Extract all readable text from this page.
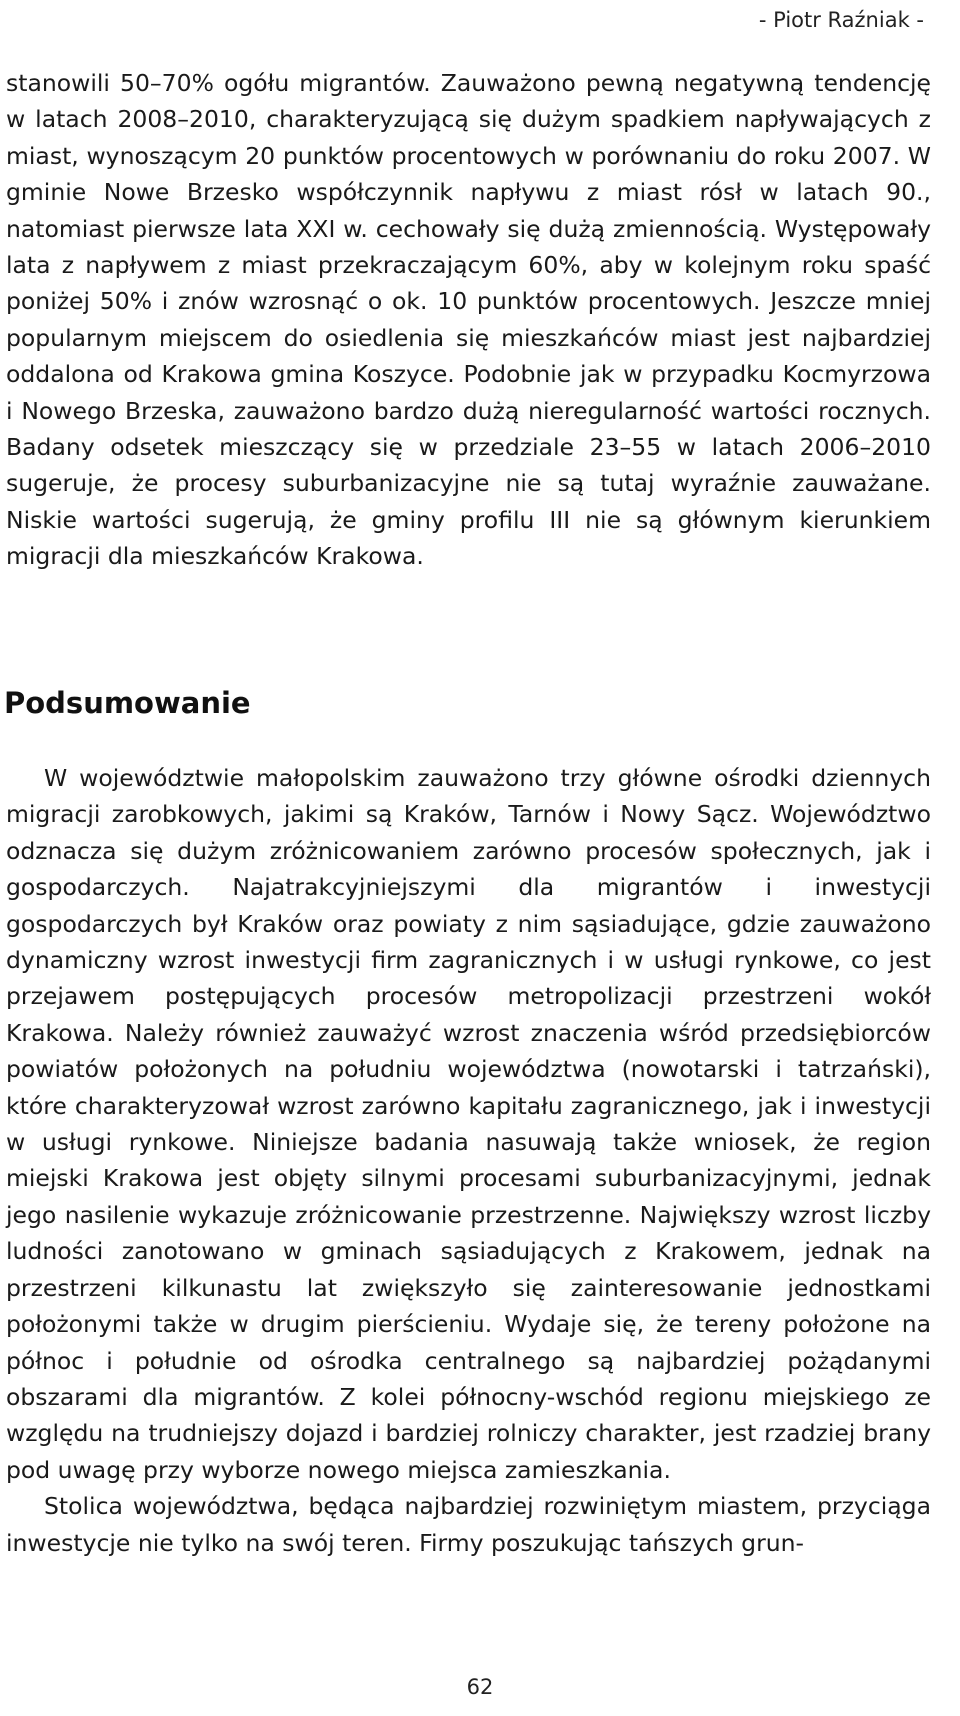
- Piotr Raźniak -

stanowili 50–70% ogółu migrantów. Zauważono pewną negatywną tendencję w latach 2008–2010, charakteryzującą się dużym spadkiem napływających z miast, wynoszącym 20 punktów procentowych w porównaniu do roku 2007. W gminie Nowe Brzesko współczynnik napływu z miast rósł w latach 90., natomiast pierwsze lata XXI w. cechowały się dużą zmiennością. Występowały lata z napływem z miast przekraczającym 60%, aby w kolejnym roku spaść poniżej 50% i znów wzrosnąć o ok. 10 punktów procentowych. Jeszcze mniej popularnym miejscem do osiedlenia się mieszkańców miast jest najbardziej oddalona od Krakowa gmina Koszyce. Podobnie jak w przypadku Kocmyrzowa i Nowego Brzeska, zauważono bardzo dużą nieregularność wartości rocznych. Badany odsetek mieszczący się w przedziale 23–55 w latach 2006–2010 sugeruje, że procesy suburbanizacyjne nie są tutaj wyraźnie zauważane. Niskie wartości sugerują, że gminy profilu III nie są głównym kierunkiem migracji dla mieszkańców Krakowa.

Podsumowanie
W województwie małopolskim zauważono trzy główne ośrodki dziennych migracji zarobkowych, jakimi są Kraków, Tarnów i Nowy Sącz. Województwo odznacza się dużym zróżnicowaniem zarówno procesów społecznych, jak i gospodarczych. Najatrakcyjniejszymi dla migrantów i inwestycji gospodarczych był Kraków oraz powiaty z nim sąsiadujące, gdzie zauważono dynamiczny wzrost inwestycji firm zagranicznych i w usługi rynkowe, co jest przejawem postępujących procesów metropolizacji przestrzeni wokół Krakowa. Należy również zauważyć wzrost znaczenia wśród przedsiębiorców powiatów położonych na południu województwa (nowotarski i tatrzański), które charakteryzował wzrost zarówno kapitału zagranicznego, jak i inwestycji w usługi rynkowe. Niniejsze badania nasuwają także wniosek, że region miejski Krakowa jest objęty silnymi procesami suburbanizacyjnymi, jednak jego nasilenie wykazuje zróżnicowanie przestrzenne. Największy wzrost liczby ludności zanotowano w gminach sąsiadujących z Krakowem, jednak na przestrzeni kilkunastu lat zwiększyło się zainteresowanie jednostkami położonymi także w drugim pierścieniu. Wydaje się, że tereny położone na północ i południe od ośrodka centralnego są najbardziej pożądanymi obszarami dla migrantów. Z kolei północny-wschód regionu miejskiego ze względu na trudniejszy dojazd i bardziej rolniczy charakter, jest rzadziej brany pod uwagę przy wyborze nowego miejsca zamieszkania.
Stolica województwa, będąca najbardziej rozwiniętym miastem, przyciąga inwestycje nie tylko na swój teren. Firmy poszukując tańszych grun-
62
